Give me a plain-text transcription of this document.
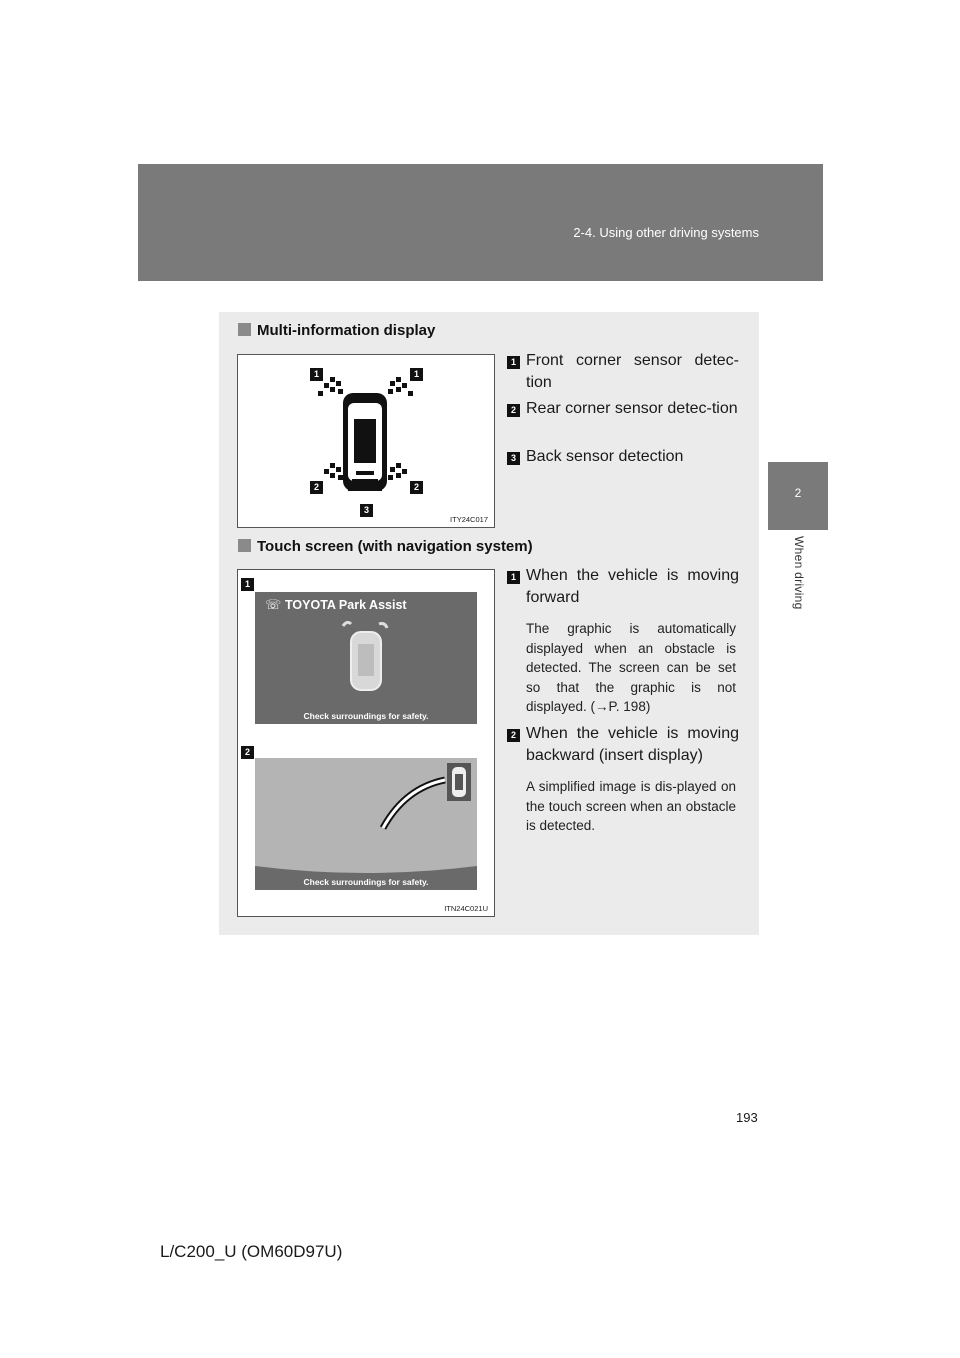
2-4. Using other driving systems
2
When driving
Multi-information display
1	1
2	2
3
ITY24C017
1 Front corner sensor detec-tion
2 Rear corner sensor detec-tion
3 Back sensor detection
Touch screen (with navigation system)
1
☏ TOYOTA Park Assist
Check surroundings for safety.
2
Check surroundings for safety.
ITN24C021U
1 When the vehicle is moving forward
The graphic is automatically displayed when an obstacle is detected. The screen can be set so that the graphic is not displayed. (→P. 198)
2 When the vehicle is moving backward (insert display)
A simplified image is dis-played on the touch screen when an obstacle is detected.
193
L/C200_U (OM60D97U)
